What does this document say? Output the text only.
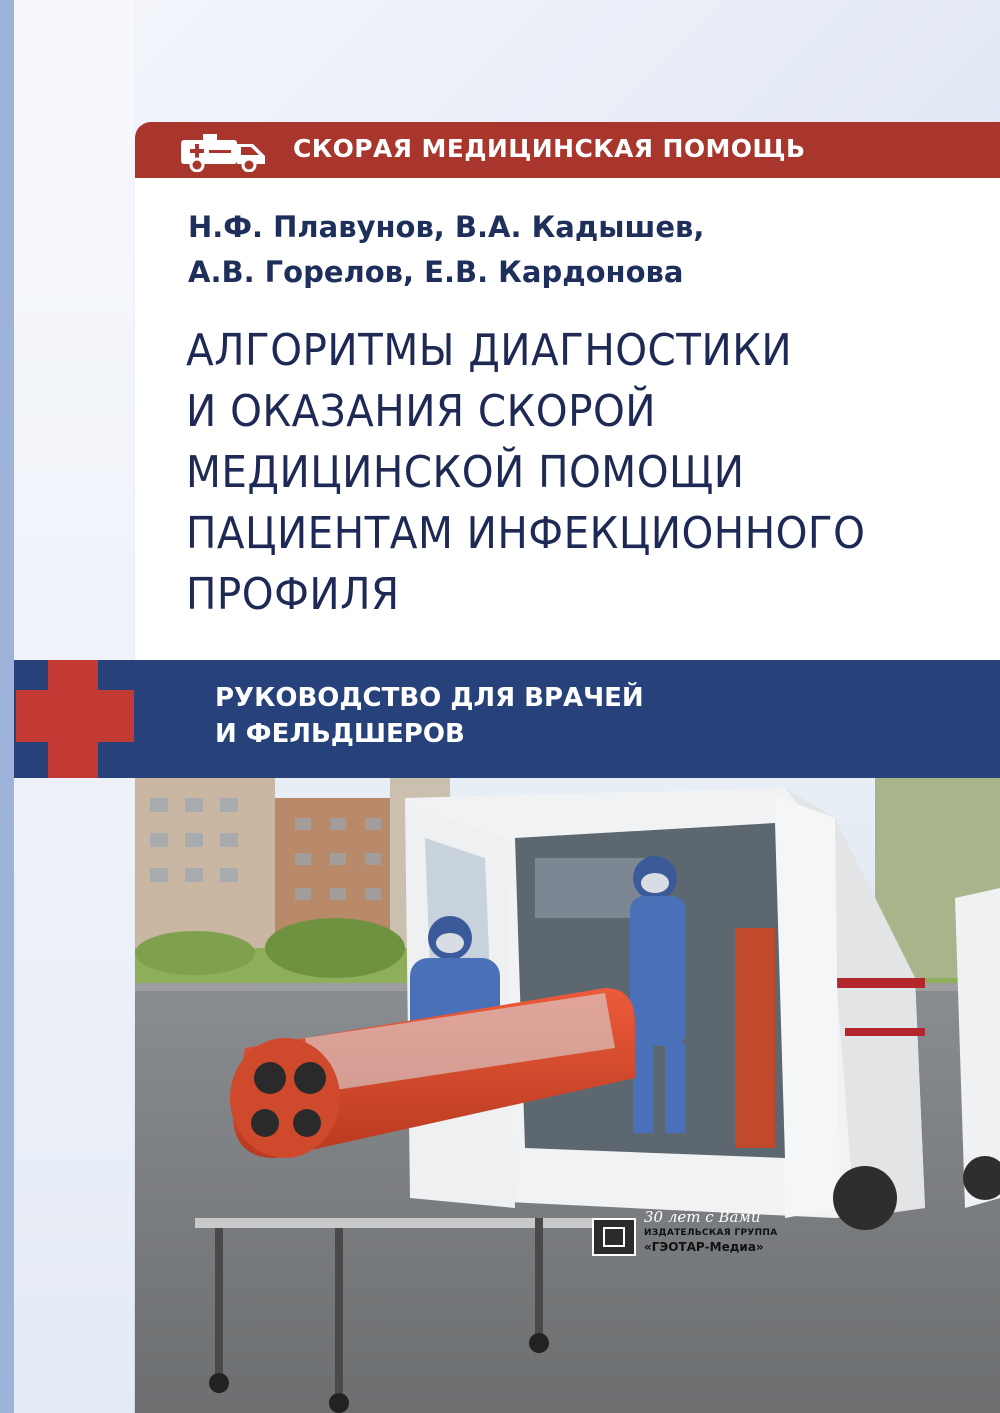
СКОРАЯ МЕДИЦИНСКАЯ ПОМОЩЬ
Н.Ф. Плавунов, В.А. Кадышев,
А.В. Горелов, Е.В. Кардонова
АЛГОРИТМЫ ДИАГНОСТИКИ
И ОКАЗАНИЯ СКОРОЙ
МЕДИЦИНСКОЙ ПОМОЩИ
ПАЦИЕНТАМ ИНФЕКЦИОННОГО
ПРОФИЛЯ
РУКОВОДСТВО ДЛЯ ВРАЧЕЙ
И ФЕЛЬДШЕРОВ
30 лет с Вами
ИЗДАТЕЛЬСКАЯ ГРУППА
«ГЭОТАР-Медиа»
